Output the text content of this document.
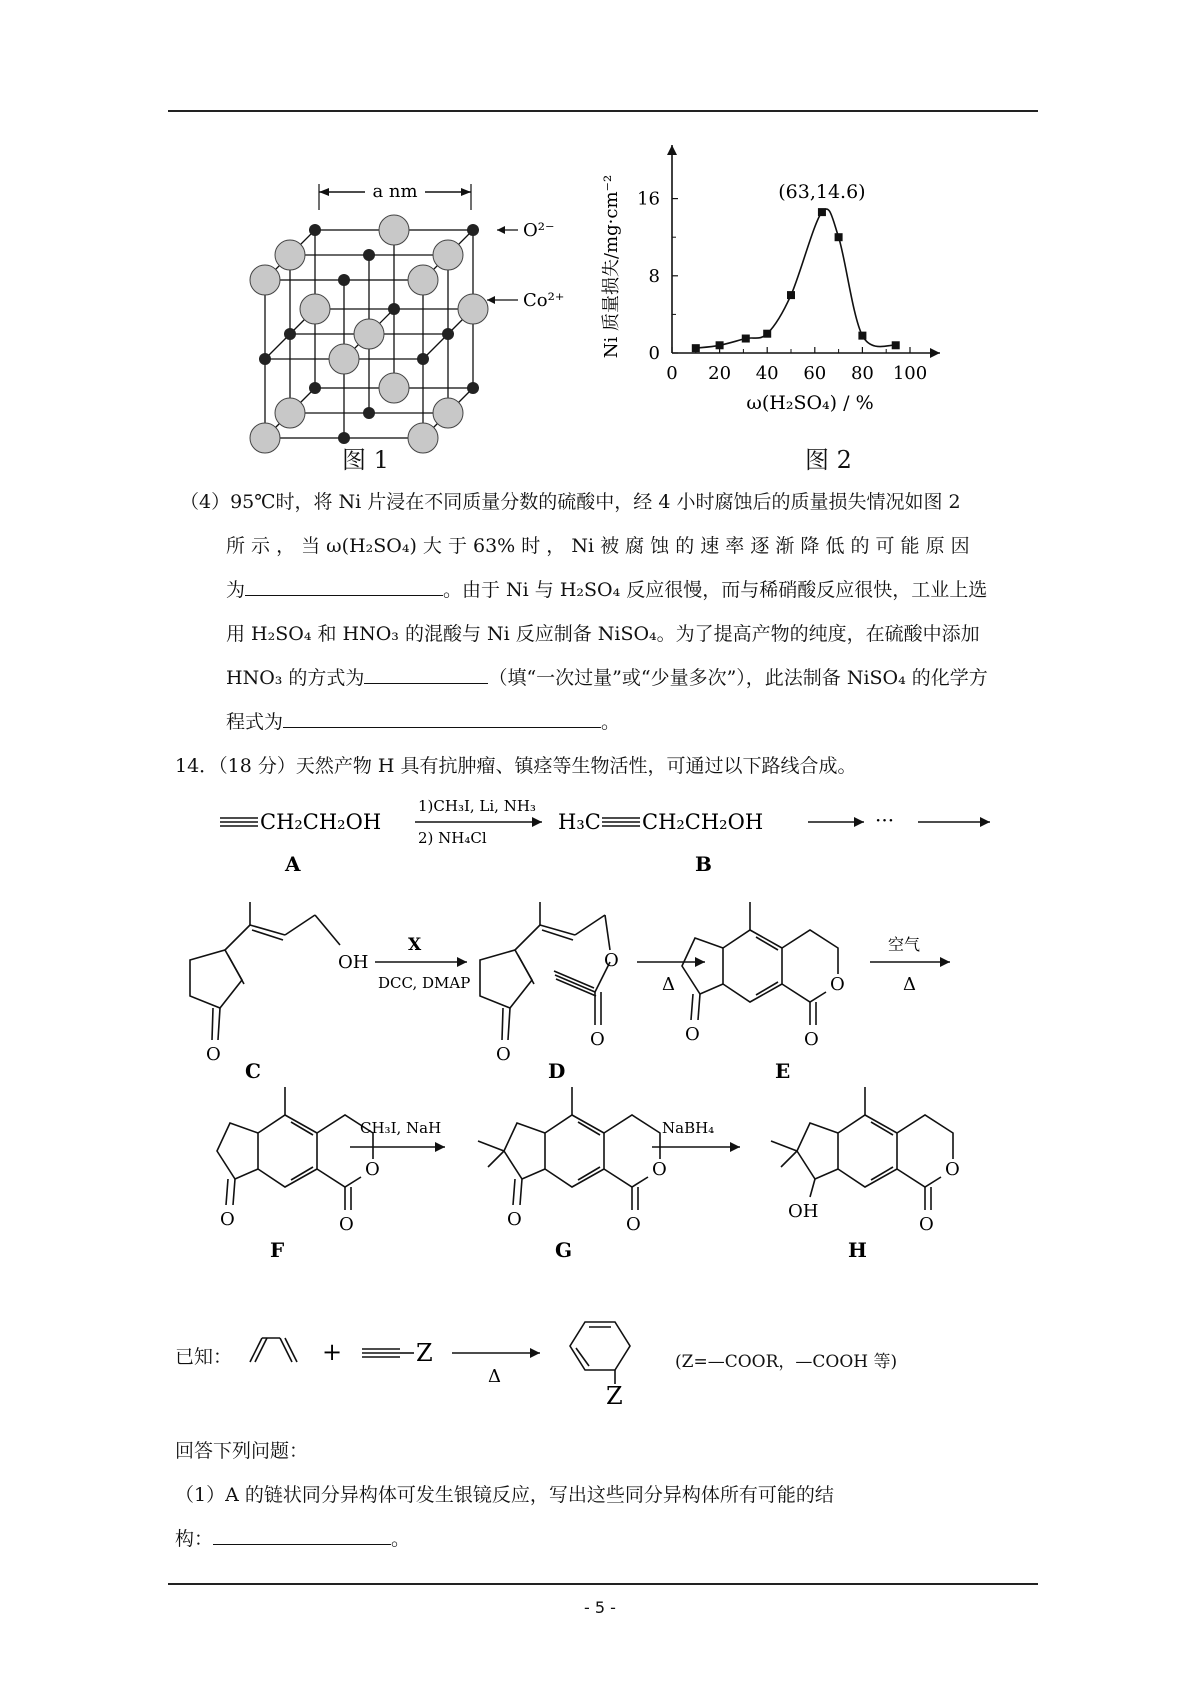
a nm
O²⁻
Co²⁺
图 1
0 20 40 60 80 100
0
8
16	(63,14.6)
ω(H₂SO₄) / %
Ni 质量损失/mg·cm⁻²
图 2
（4）95℃时，将 Ni 片浸在不同质量分数的硫酸中，经 4 小时腐蚀后的质量损失情况如图 2
所 示 ， 当 ω(H₂SO₄) 大 于 63% 时 ， Ni 被 腐 蚀 的 速 率 逐 渐 降 低 的 可 能 原 因
为	。由于 Ni 与 H₂SO₄ 反应很慢，而与稀硝酸反应很快，工业上选
用 H₂SO₄ 和 HNO₃ 的混酸与 Ni 反应制备 NiSO₄。为了提高产物的纯度，在硫酸中添加
HNO₃ 的方式为	（填“一次过量”或“少量多次”），此法制备 NiSO₄ 的化学方
程式为	。
14．（18 分）天然产物 H 具有抗肿瘤、镇痉等生物活性，可通过以下路线合成。
CH₂CH₂OH
1)CH₃I, Li, NH₃
2) NH₄Cl
H₃C CH₂CH₂OH	···
A	B
OH
O
C
X
DCC, DMAP
O
O
O
D
Δ	O
O	O
E
空气
Δ
O
O	O
F
CH₃I, NaH
O
O	O
G
NaBH₄
O
OH
O
H
已知：	+	Z
Δ
Z
(Z=—COOR，—COOH 等)
回答下列问题：
（1）A 的链状同分异构体可发生银镜反应，写出这些同分异构体所有可能的结
构：	。
- 5 -
